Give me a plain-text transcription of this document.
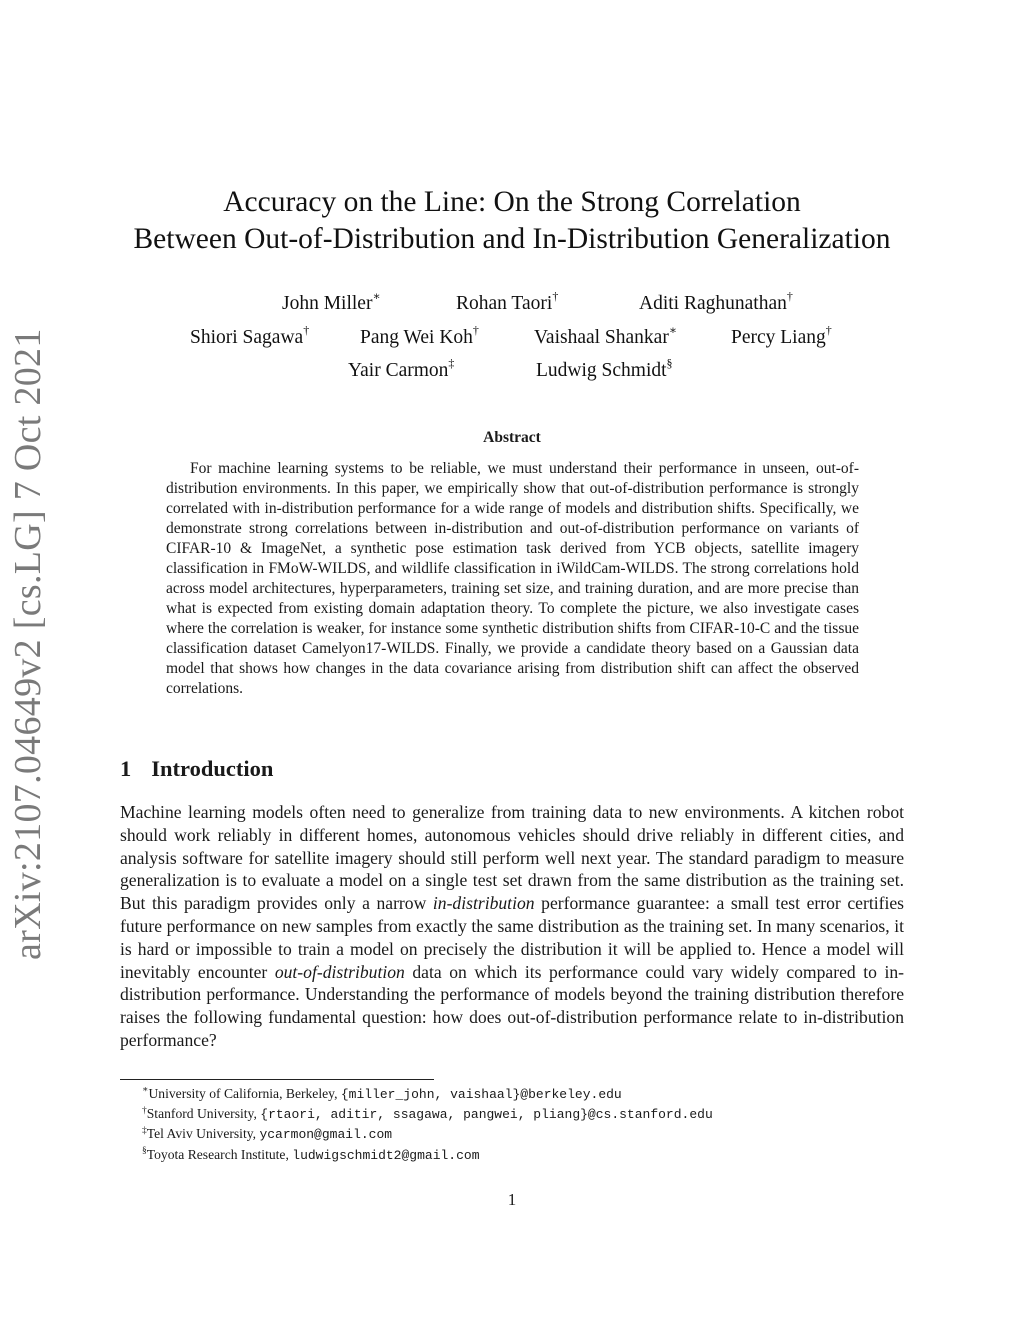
arXiv:2107.04649v2 [cs.LG] 7 Oct 2021
Accuracy on the Line: On the Strong Correlation
Between Out-of-Distribution and In-Distribution Generalization
John Miller∗	Rohan Taori†	Aditi Raghunathan†
Shiori Sagawa†	Pang Wei Koh†	Vaishaal Shankar∗	Percy Liang†
Yair Carmon‡	Ludwig Schmidt§
Abstract

For machine learning systems to be reliable, we must understand their performance in unseen, out-of-distribution environments. In this paper, we empirically show that out-of-distribution performance is strongly correlated with in-distribution performance for a wide range of models and distribution shifts. Specifically, we demonstrate strong correlations between in-distribution and out-of-distribution performance on variants of CIFAR-10 & ImageNet, a synthetic pose estimation task derived from YCB objects, satellite imagery classification in FMoW-WILDS, and wildlife classification in iWildCam-WILDS. The strong correlations hold across model architectures, hyperparameters, training set size, and training duration, and are more precise than what is expected from existing domain adaptation theory. To complete the picture, we also investigate cases where the correlation is weaker, for instance some synthetic distribution shifts from CIFAR-10-C and the tissue classification dataset Camelyon17-WILDS. Finally, we provide a candidate theory based on a Gaussian data model that shows how changes in the data covariance arising from distribution shift can affect the observed correlations.

1 Introduction

Machine learning models often need to generalize from training data to new environments. A kitchen robot should work reliably in different homes, autonomous vehicles should drive reliably in different cities, and analysis software for satellite imagery should still perform well next year. The standard paradigm to measure generalization is to evaluate a model on a single test set drawn from the same distribution as the training set. But this paradigm provides only a narrow in-distribution performance guarantee: a small test error certifies future performance on new samples from exactly the same distribution as the training set. In many scenarios, it is hard or impossible to train a model on precisely the distribution it will be applied to. Hence a model will inevitably encounter out-of-distribution data on which its performance could vary widely compared to in-distribution performance. Understanding the performance of models beyond the training distribution therefore raises the following fundamental question: how does out-of-distribution performance relate to in-distribution performance?

∗University of California, Berkeley, {miller_john, vaishaal}@berkeley.edu

†Stanford University, {rtaori, aditir, ssagawa, pangwei, pliang}@cs.stanford.edu

‡Tel Aviv University, ycarmon@gmail.com

§Toyota Research Institute, ludwigschmidt2@gmail.com

1
